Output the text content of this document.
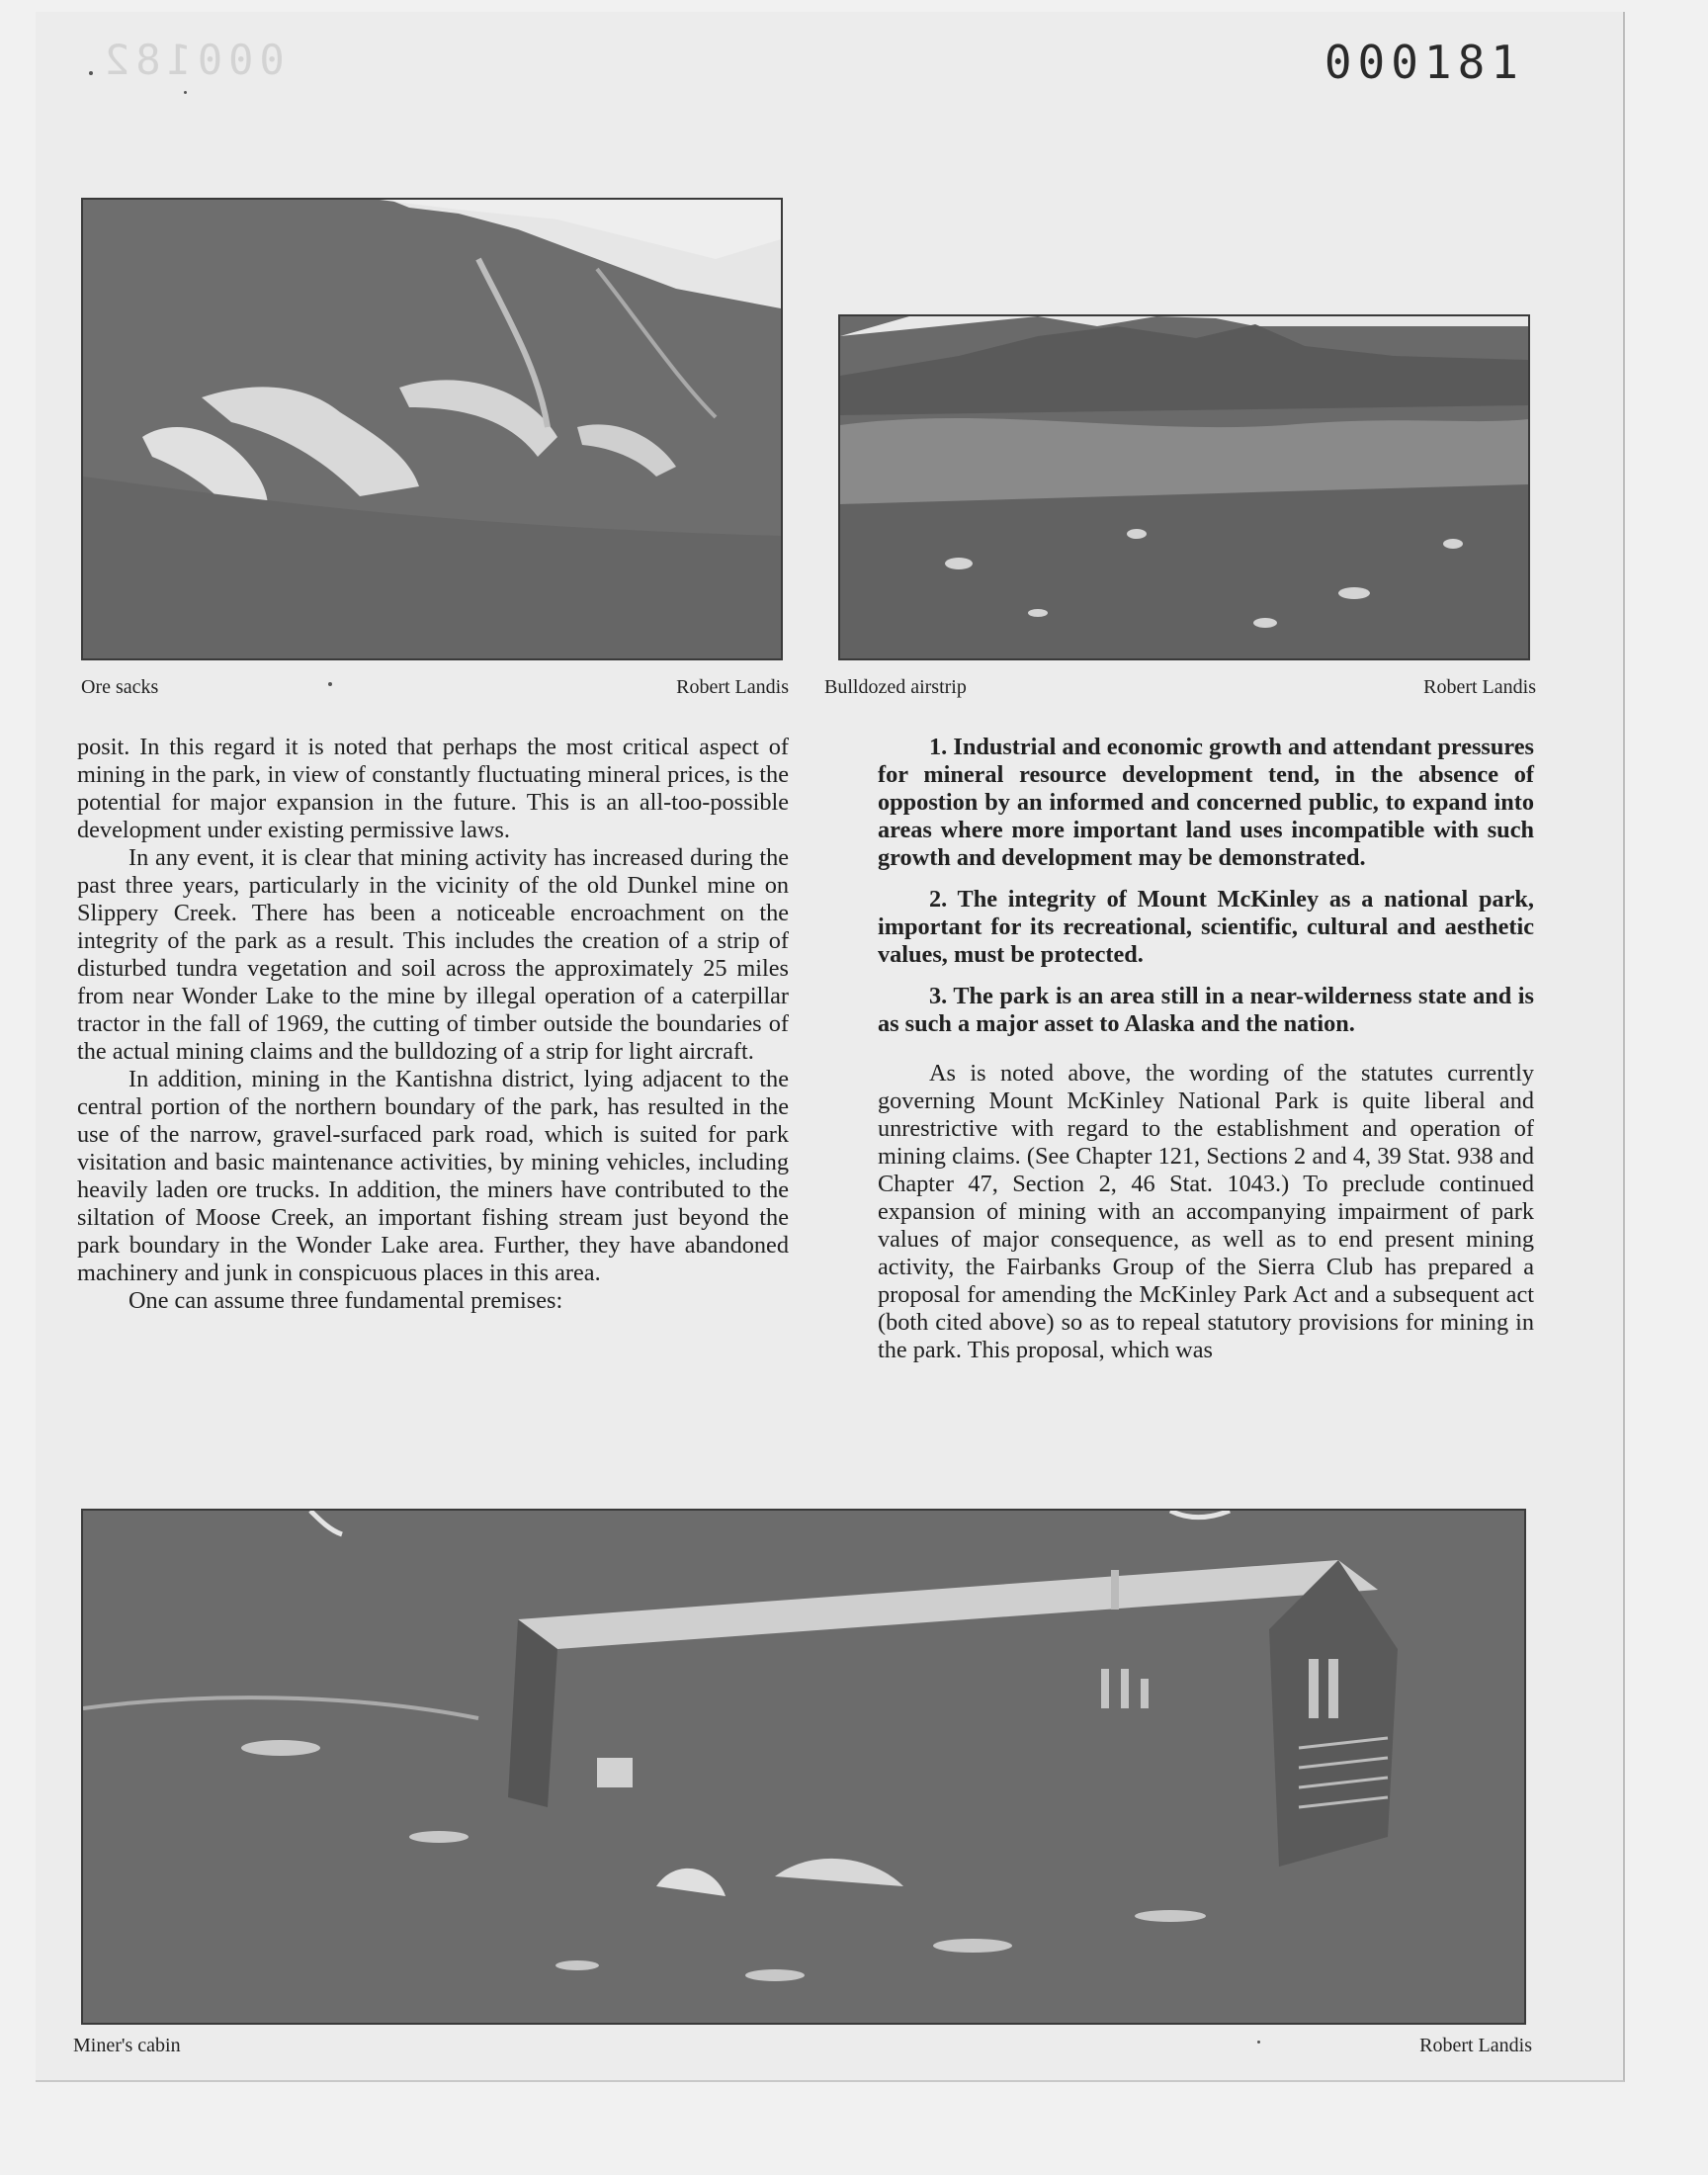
000182	000181
Ore sacks	Robert Landis Bulldozed airstrip	Robert Landis

posit. In this regard it is noted that perhaps the most critical aspect of mining in the park, in view of constantly fluctuating mineral prices, is the potential for major expansion in the future. This is an all-too-possible development under existing permissive laws.

In any event, it is clear that mining activity has increased during the past three years, particularly in the vicinity of the old Dunkel mine on Slippery Creek. There has been a noticeable encroachment on the integrity of the park as a result. This includes the creation of a strip of disturbed tundra vegetation and soil across the approximately 25 miles from near Wonder Lake to the mine by illegal operation of a caterpillar tractor in the fall of 1969, the cutting of timber outside the boundaries of the actual mining claims and the bulldozing of a strip for light aircraft.

In addition, mining in the Kantishna district, lying adjacent to the central portion of the northern boundary of the park, has resulted in the use of the narrow, gravel-surfaced park road, which is suited for park visitation and basic maintenance activities, by mining vehicles, including heavily laden ore trucks. In addition, the miners have contributed to the siltation of Moose Creek, an important fishing stream just beyond the park boundary in the Wonder Lake area. Further, they have abandoned machinery and junk in conspicuous places in this area.

One can assume three fundamental premises:

1. Industrial and economic growth and attendant pressures for mineral resource development tend, in the absence of oppostion by an informed and concerned public, to expand into areas where more important land uses incompatible with such growth and development may be demonstrated.

2. The integrity of Mount McKinley as a national park, important for its recreational, scientific, cultural and aesthetic values, must be protected.

3. The park is an area still in a near-wilderness state and is as such a major asset to Alaska and the nation.

As is noted above, the wording of the statutes currently governing Mount McKinley National Park is quite liberal and unrestrictive with regard to the establishment and operation of mining claims. (See Chapter 121, Sections 2 and 4, 39 Stat. 938 and Chapter 47, Section 2, 46 Stat. 1043.) To preclude continued expansion of mining with an accompanying impairment of park values of major consequence, as well as to end present mining activity, the Fairbanks Group of the Sierra Club has prepared a proposal for amending the McKinley Park Act and a subsequent act (both cited above) so as to repeal statutory provisions for mining in the park. This proposal, which was

Miner's cabin	Robert Landis
